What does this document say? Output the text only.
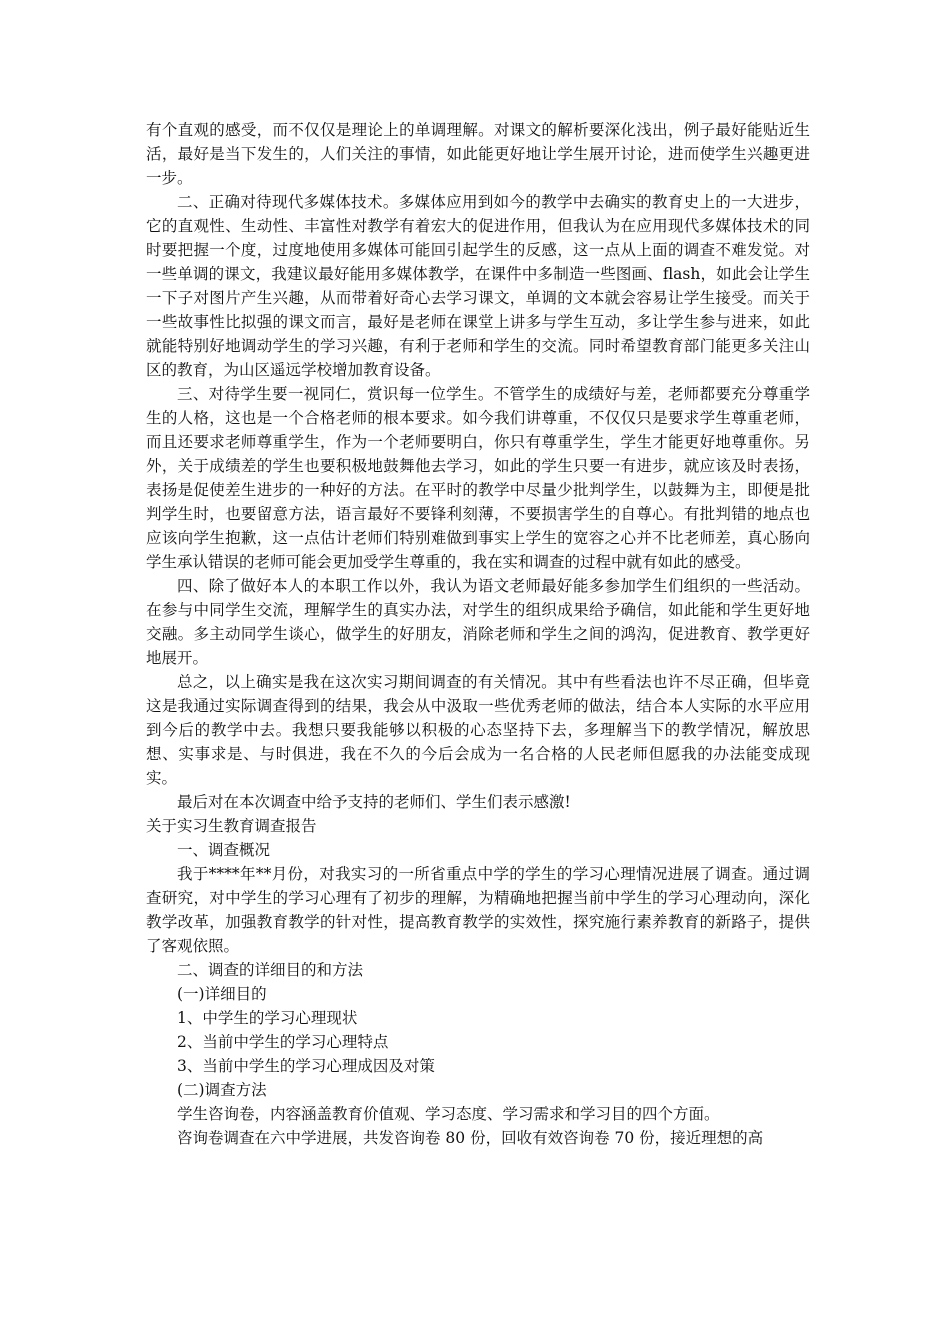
有个直观的感受，而不仅仅是理论上的单调理解。对课文的解析要深化浅出，例子最好能贴近生活，最好是当下发生的，人们关注的事情，如此能更好地让学生展开讨论，进而使学生兴趣更进一步。

二、正确对待现代多媒体技术。多媒体应用到如今的教学中去确实的教育史上的一大进步，它的直观性、生动性、丰富性对教学有着宏大的促进作用，但我认为在应用现代多媒体技术的同时要把握一个度，过度地使用多媒体可能回引起学生的反感，这一点从上面的调查不难发觉。对一些单调的课文，我建议最好能用多媒体教学，在课件中多制造一些图画、flash，如此会让学生一下子对图片产生兴趣，从而带着好奇心去学习课文，单调的文本就会容易让学生接受。而关于一些故事性比拟强的课文而言，最好是老师在课堂上讲多与学生互动，多让学生参与进来，如此就能特别好地调动学生的学习兴趣，有利于老师和学生的交流。同时希望教育部门能更多关注山区的教育，为山区遥远学校增加教育设备。

三、对待学生要一视同仁，赏识每一位学生。不管学生的成绩好与差，老师都要充分尊重学生的人格，这也是一个合格老师的根本要求。如今我们讲尊重，不仅仅只是要求学生尊重老师，而且还要求老师尊重学生，作为一个老师要明白，你只有尊重学生，学生才能更好地尊重你。另外，关于成绩差的学生也要积极地鼓舞他去学习，如此的学生只要一有进步，就应该及时表扬，表扬是促使差生进步的一种好的方法。在平时的教学中尽量少批判学生，以鼓舞为主，即便是批判学生时，也要留意方法，语言最好不要锋利刻薄，不要损害学生的自尊心。有批判错的地点也应该向学生抱歉，这一点估计老师们特别难做到事实上学生的宽容之心并不比老师差，真心肠向学生承认错误的老师可能会更加受学生尊重的，我在实和调查的过程中就有如此的感受。

四、除了做好本人的本职工作以外，我认为语文老师最好能多参加学生们组织的一些活动。在参与中同学生交流，理解学生的真实办法，对学生的组织成果给予确信，如此能和学生更好地交融。多主动同学生谈心，做学生的好朋友，消除老师和学生之间的鸿沟，促进教育、教学更好地展开。

总之，以上确实是我在这次实习期间调查的有关情况。其中有些看法也许不尽正确，但毕竟这是我通过实际调查得到的结果，我会从中汲取一些优秀老师的做法，结合本人实际的水平应用到今后的教学中去。我想只要我能够以积极的心态坚持下去，多理解当下的教学情况，解放思想、实事求是、与时俱进，我在不久的今后会成为一名合格的人民老师但愿我的办法能变成现实。

最后对在本次调查中给予支持的老师们、学生们表示感激!

关于实习生教育调查报告

一、调查概况

我于****年**月份，对我实习的一所省重点中学的学生的学习心理情况进展了调查。通过调查研究，对中学生的学习心理有了初步的理解，为精确地把握当前中学生的学习心理动向，深化教学改革，加强教育教学的针对性，提高教育教学的实效性，探究施行素养教育的新路子，提供了客观依照。

二、调查的详细目的和方法

(一)详细目的

1、中学生的学习心理现状

2、当前中学生的学习心理特点

3、当前中学生的学习心理成因及对策

(二)调查方法

学生咨询卷，内容涵盖教育价值观、学习态度、学习需求和学习目的四个方面。

咨询卷调查在六中学进展，共发咨询卷 80 份，回收有效咨询卷 70 份，接近理想的高
